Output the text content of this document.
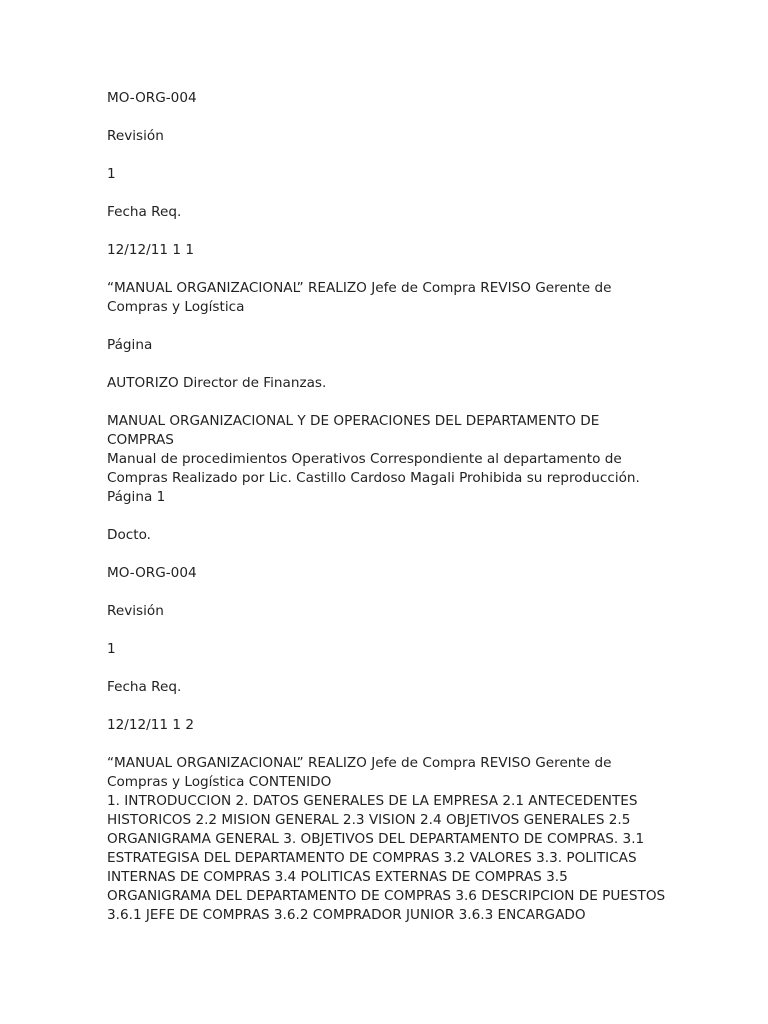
MO-ORG-004

Revisión

1

Fecha Req.

12/12/11 1 1

“MANUAL ORGANIZACIONAL” REALIZO Jefe de Compra REVISO Gerente de Compras y Logística

Página

AUTORIZO Director de Finanzas.

MANUAL ORGANIZACIONAL Y DE OPERACIONES DEL DEPARTAMENTO DE COMPRAS

Manual de procedimientos Operativos Correspondiente al departamento de Compras Realizado por Lic. Castillo Cardoso Magali Prohibida su reproducción. Página 1

Docto.

MO-ORG-004

Revisión

1

Fecha Req.

12/12/11 1 2

“MANUAL ORGANIZACIONAL” REALIZO Jefe de Compra REVISO Gerente de Compras y Logística CONTENIDO

1. INTRODUCCION 2. DATOS GENERALES DE LA EMPRESA 2.1 ANTECEDENTES HISTORICOS 2.2 MISION GENERAL 2.3 VISION 2.4 OBJETIVOS GENERALES 2.5 ORGANIGRAMA GENERAL 3. OBJETIVOS DEL DEPARTAMENTO DE COMPRAS. 3.1 ESTRATEGISA DEL DEPARTAMENTO DE COMPRAS 3.2 VALORES 3.3. POLITICAS INTERNAS DE COMPRAS 3.4 POLITICAS EXTERNAS DE COMPRAS 3.5 ORGANIGRAMA DEL DEPARTAMENTO DE COMPRAS 3.6 DESCRIPCION DE PUESTOS 3.6.1 JEFE DE COMPRAS 3.6.2 COMPRADOR JUNIOR 3.6.3 ENCARGADO
